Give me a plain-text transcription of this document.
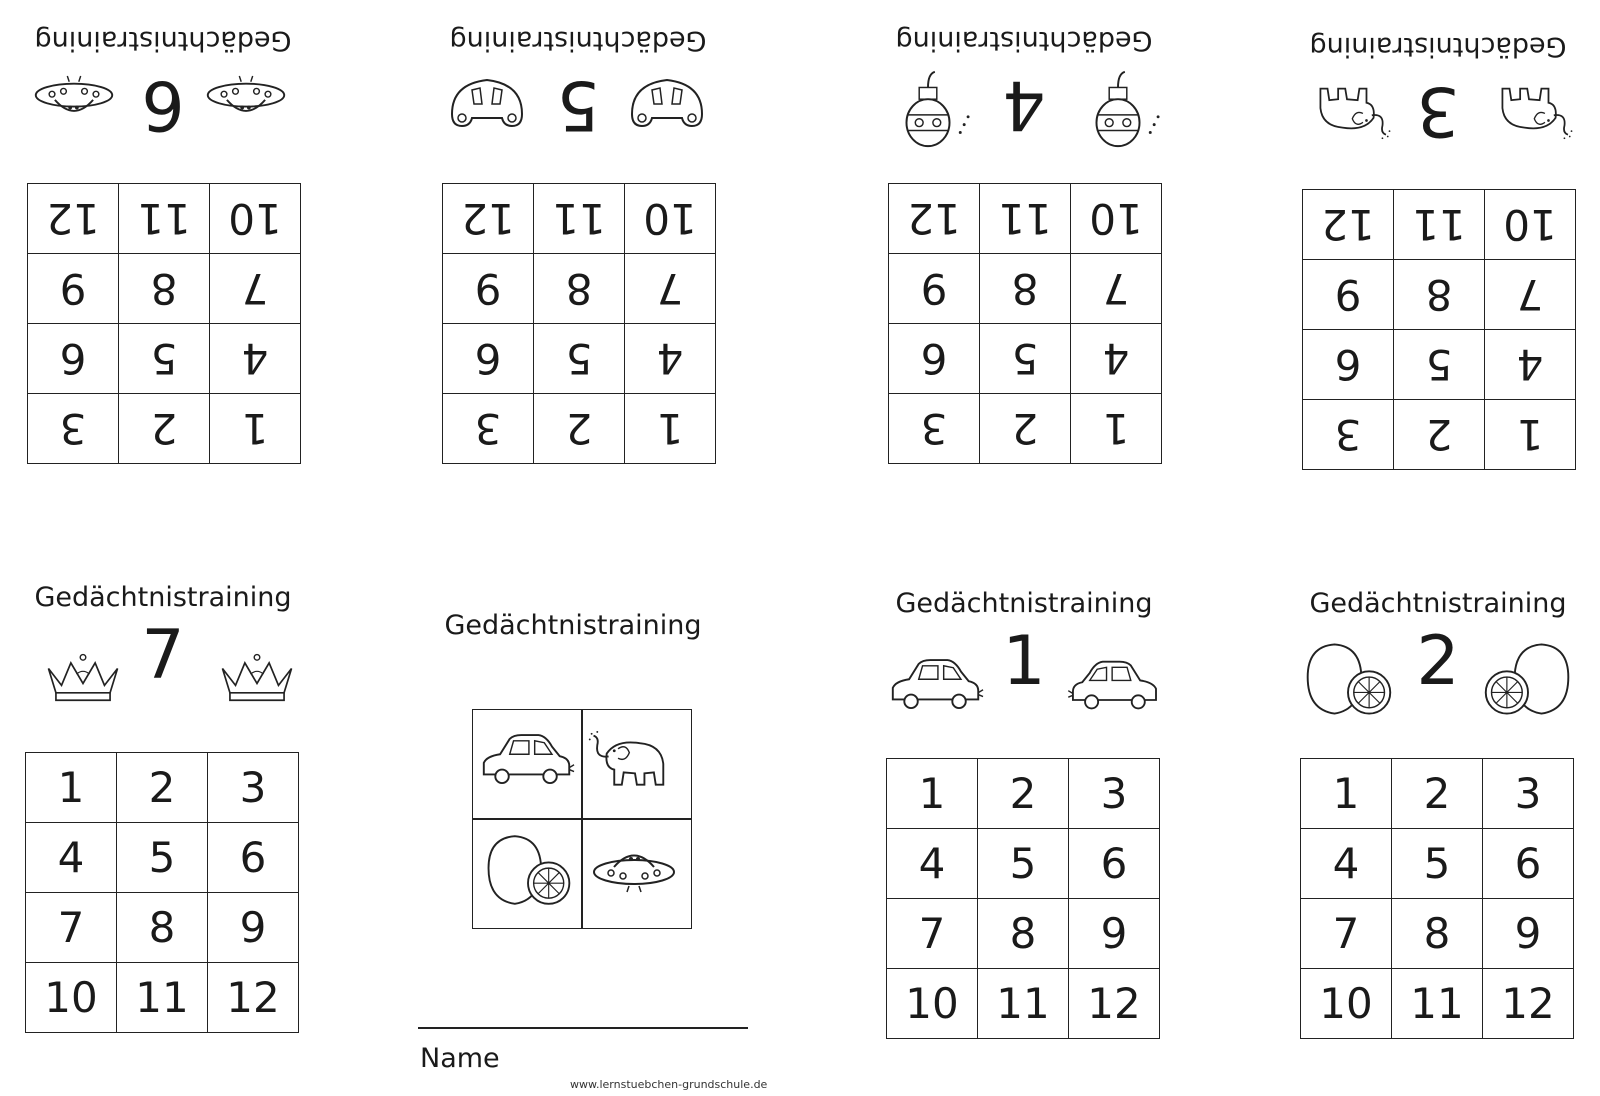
Gedächtnistraining
6
1	2	3
4	5	6
7	8	9
10	11	12
Gedächtnistraining
5
1	2	3
4	5	6
7	8	9
10	11	12
Gedächtnistraining
4
1	2	3
4	5	6
7	8	9
10	11	12
Gedächtnistraining
3
1	2	3
4	5	6
7	8	9
10	11	12
Gedächtnistraining
7
1	2	3
4	5	6
7	8	9
10	11	12
Gedächtnistraining
Name
www.lernstuebchen-grundschule.de
Gedächtnistraining
1
1	2	3
4	5	6
7	8	9
10	11	12
Gedächtnistraining
2
1	2	3
4	5	6
7	8	9
10	11	12
